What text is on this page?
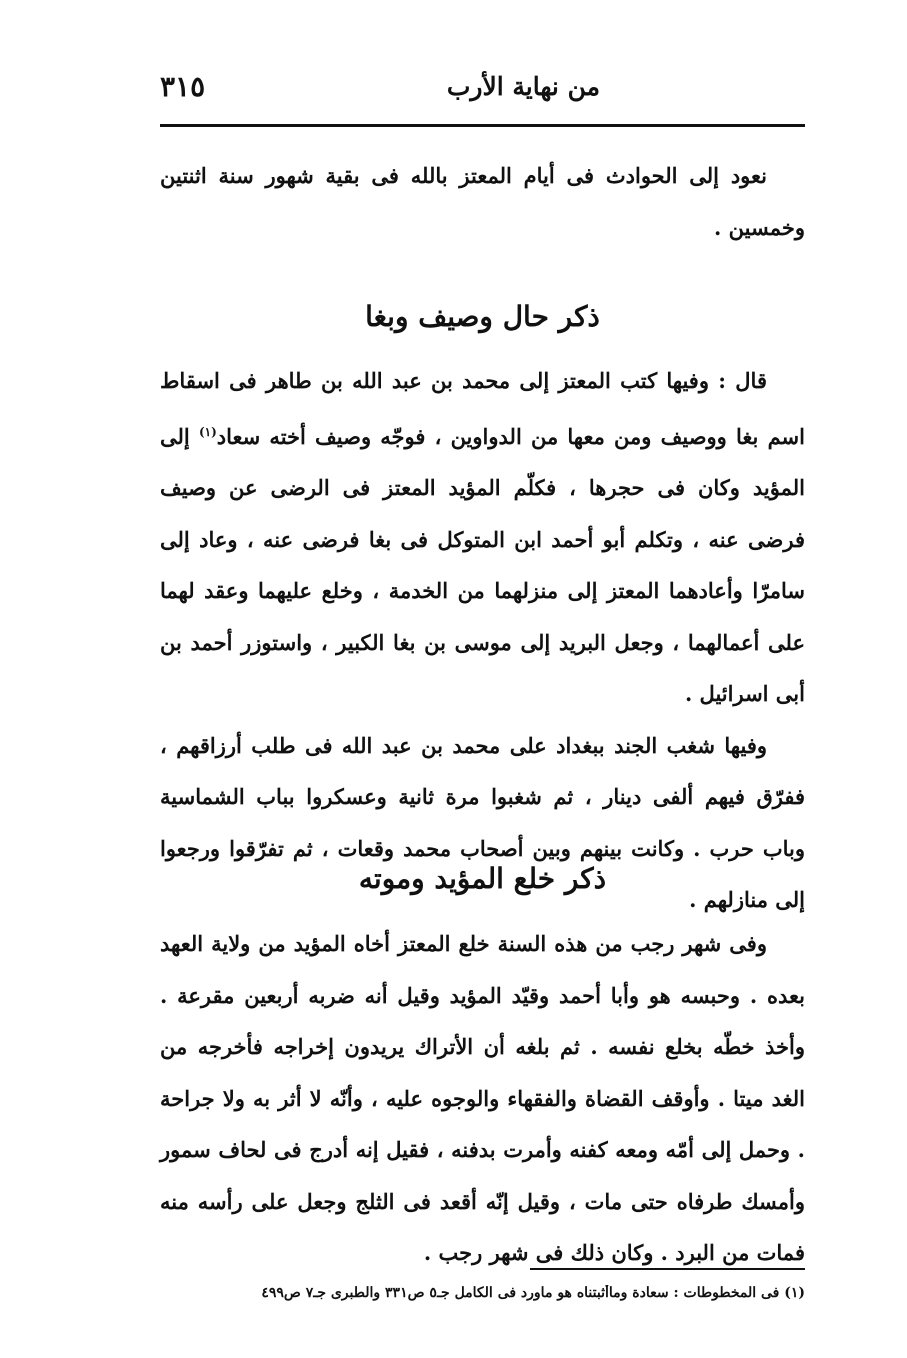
من نهاية الأرب
٣١٥

نعود إلى الحوادث فى أيام المعتز بالله فى بقية شهور سنة اثنتين وخمسين .

ذكر حال وصيف وبغا

قال : وفيها كتب المعتز إلى محمد بن عبد الله بن طاهر فى اسقاط اسم بغا ووصيف ومن معها من الدواوين ، فوجّه وصيف أخته سعاد$^{(١)}$ إلى المؤيد وكان فى حجرها ، فكلّم المؤيد المعتز فى الرضى عن وصيف فرضى عنه ، وتكلم أبو أحمد ابن المتوكل فى بغا فرضى عنه ، وعاد إلى سامرّا وأعادهما المعتز إلى منزلهما من الخدمة ، وخلع عليهما وعقد لهما على أعمالهما ، وجعل البريد إلى موسى بن بغا الكبير ، واستوزر أحمد بن أبى اسرائيل .

وفيها شغب الجند ببغداد على محمد بن عبد الله فى طلب أرزاقهم ، ففرّق فيهم ألفى دينار ، ثم شغبوا مرة ثانية وعسكروا بباب الشماسية وباب حرب . وكانت بينهم وبين أصحاب محمد وقعات ، ثم تفرّقوا ورجعوا إلى منازلهم .

ذكر خلع المؤيد وموته

وفى شهر رجب من هذه السنة خلع المعتز أخاه المؤيد من ولاية العهد بعده . وحبسه هو وأبا أحمد وقيّد المؤيد وقيل أنه ضربه أربعين مقرعة . وأخذ خطّه بخلع نفسه . ثم بلغه أن الأتراك يريدون إخراجه فأخرجه من الغد ميتا . وأوقف القضاة والفقهاء والوجوه عليه ، وأنّه لا أثر به ولا جراحة . وحمل إلى أمّه ومعه كفنه وأمرت بدفنه ، فقيل إنه أدرج فى لحاف سمور وأمسك طرفاه حتى مات ، وقيل إنّه أقعد فى الثلج وجعل على رأسه منه فمات من البرد . وكان ذلك فى شهر رجب .

(١) فى المخطوطات : سعادة وماأثبتناه هو ماورد فى الكامل جـ٥ ص٣٣١ والطبرى جـ٧ ص٤٩٩
